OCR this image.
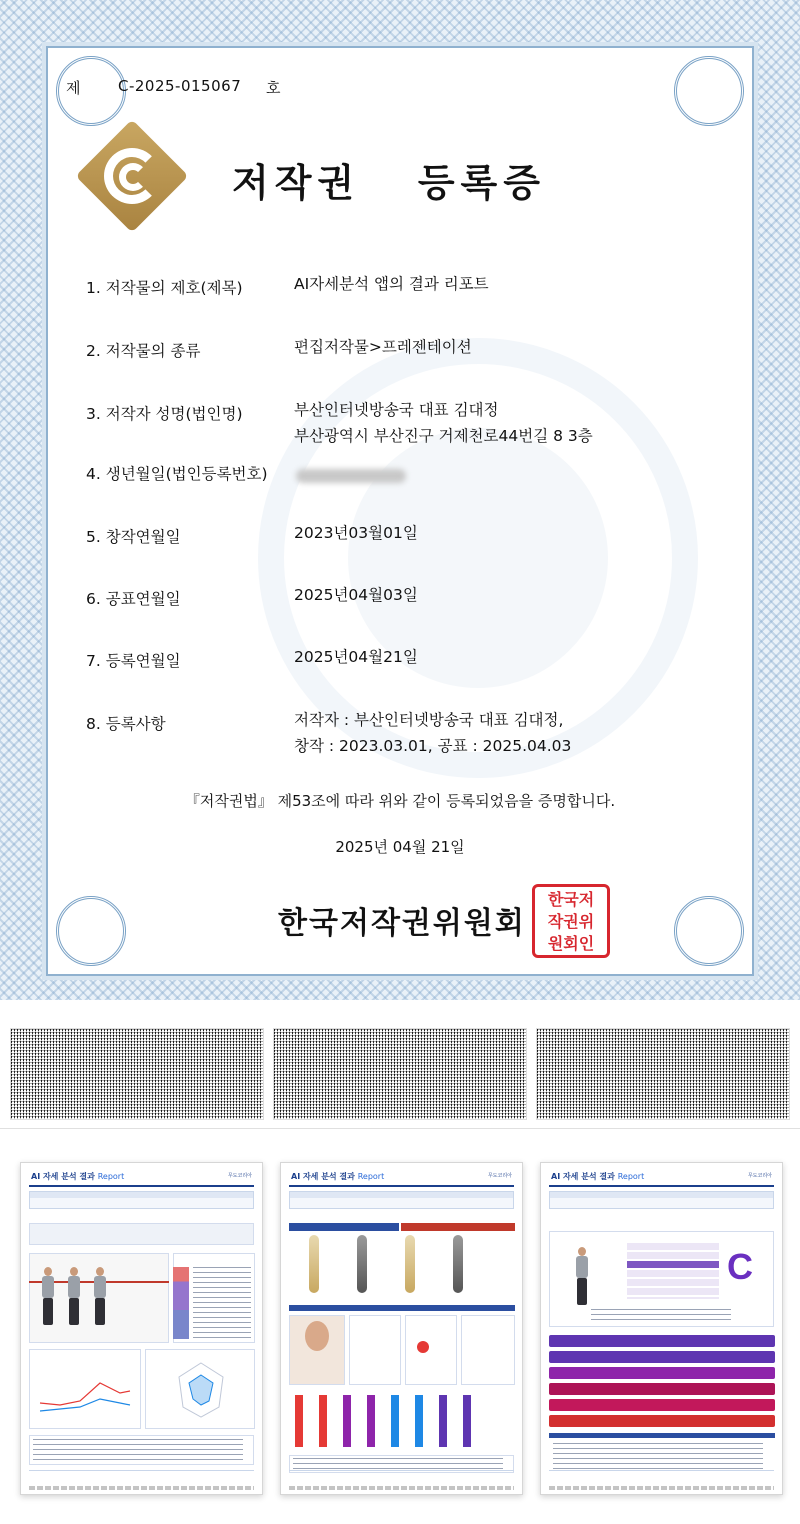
제 C-2025-015067 호
저작권   등록증
1. 저작물의 제호(제목)	AI자세분석 앱의 결과 리포트
2. 저작물의 종류	편집저작물>프레젠테이션
3. 저작자 성명(법인명)	부산인터넷방송국 대표 김대정
부산광역시 부산진구 거제천로44번길 8 3층
4. 생년월일(법인등록번호)
5. 창작연월일	2023년03월01일
6. 공표연월일	2025년04월03일
7. 등록연월일	2025년04월21일
8. 등록사항	저작자 : 부산인터넷방송국 대표 김대정,
창작 : 2023.03.01, 공표 : 2025.04.03
『저작권법』 제53조에 따라 위와 같이 등록되었음을 증명합니다.
2025년 04월 21일
한국저작권위원회
한국저
작권위
원회인
AI 자세 분석 결과 Report	무도코리아	AI 자세 분석 결과 Report	무도코리아	AI 자세 분석 결과 Report	무도코리아
C
